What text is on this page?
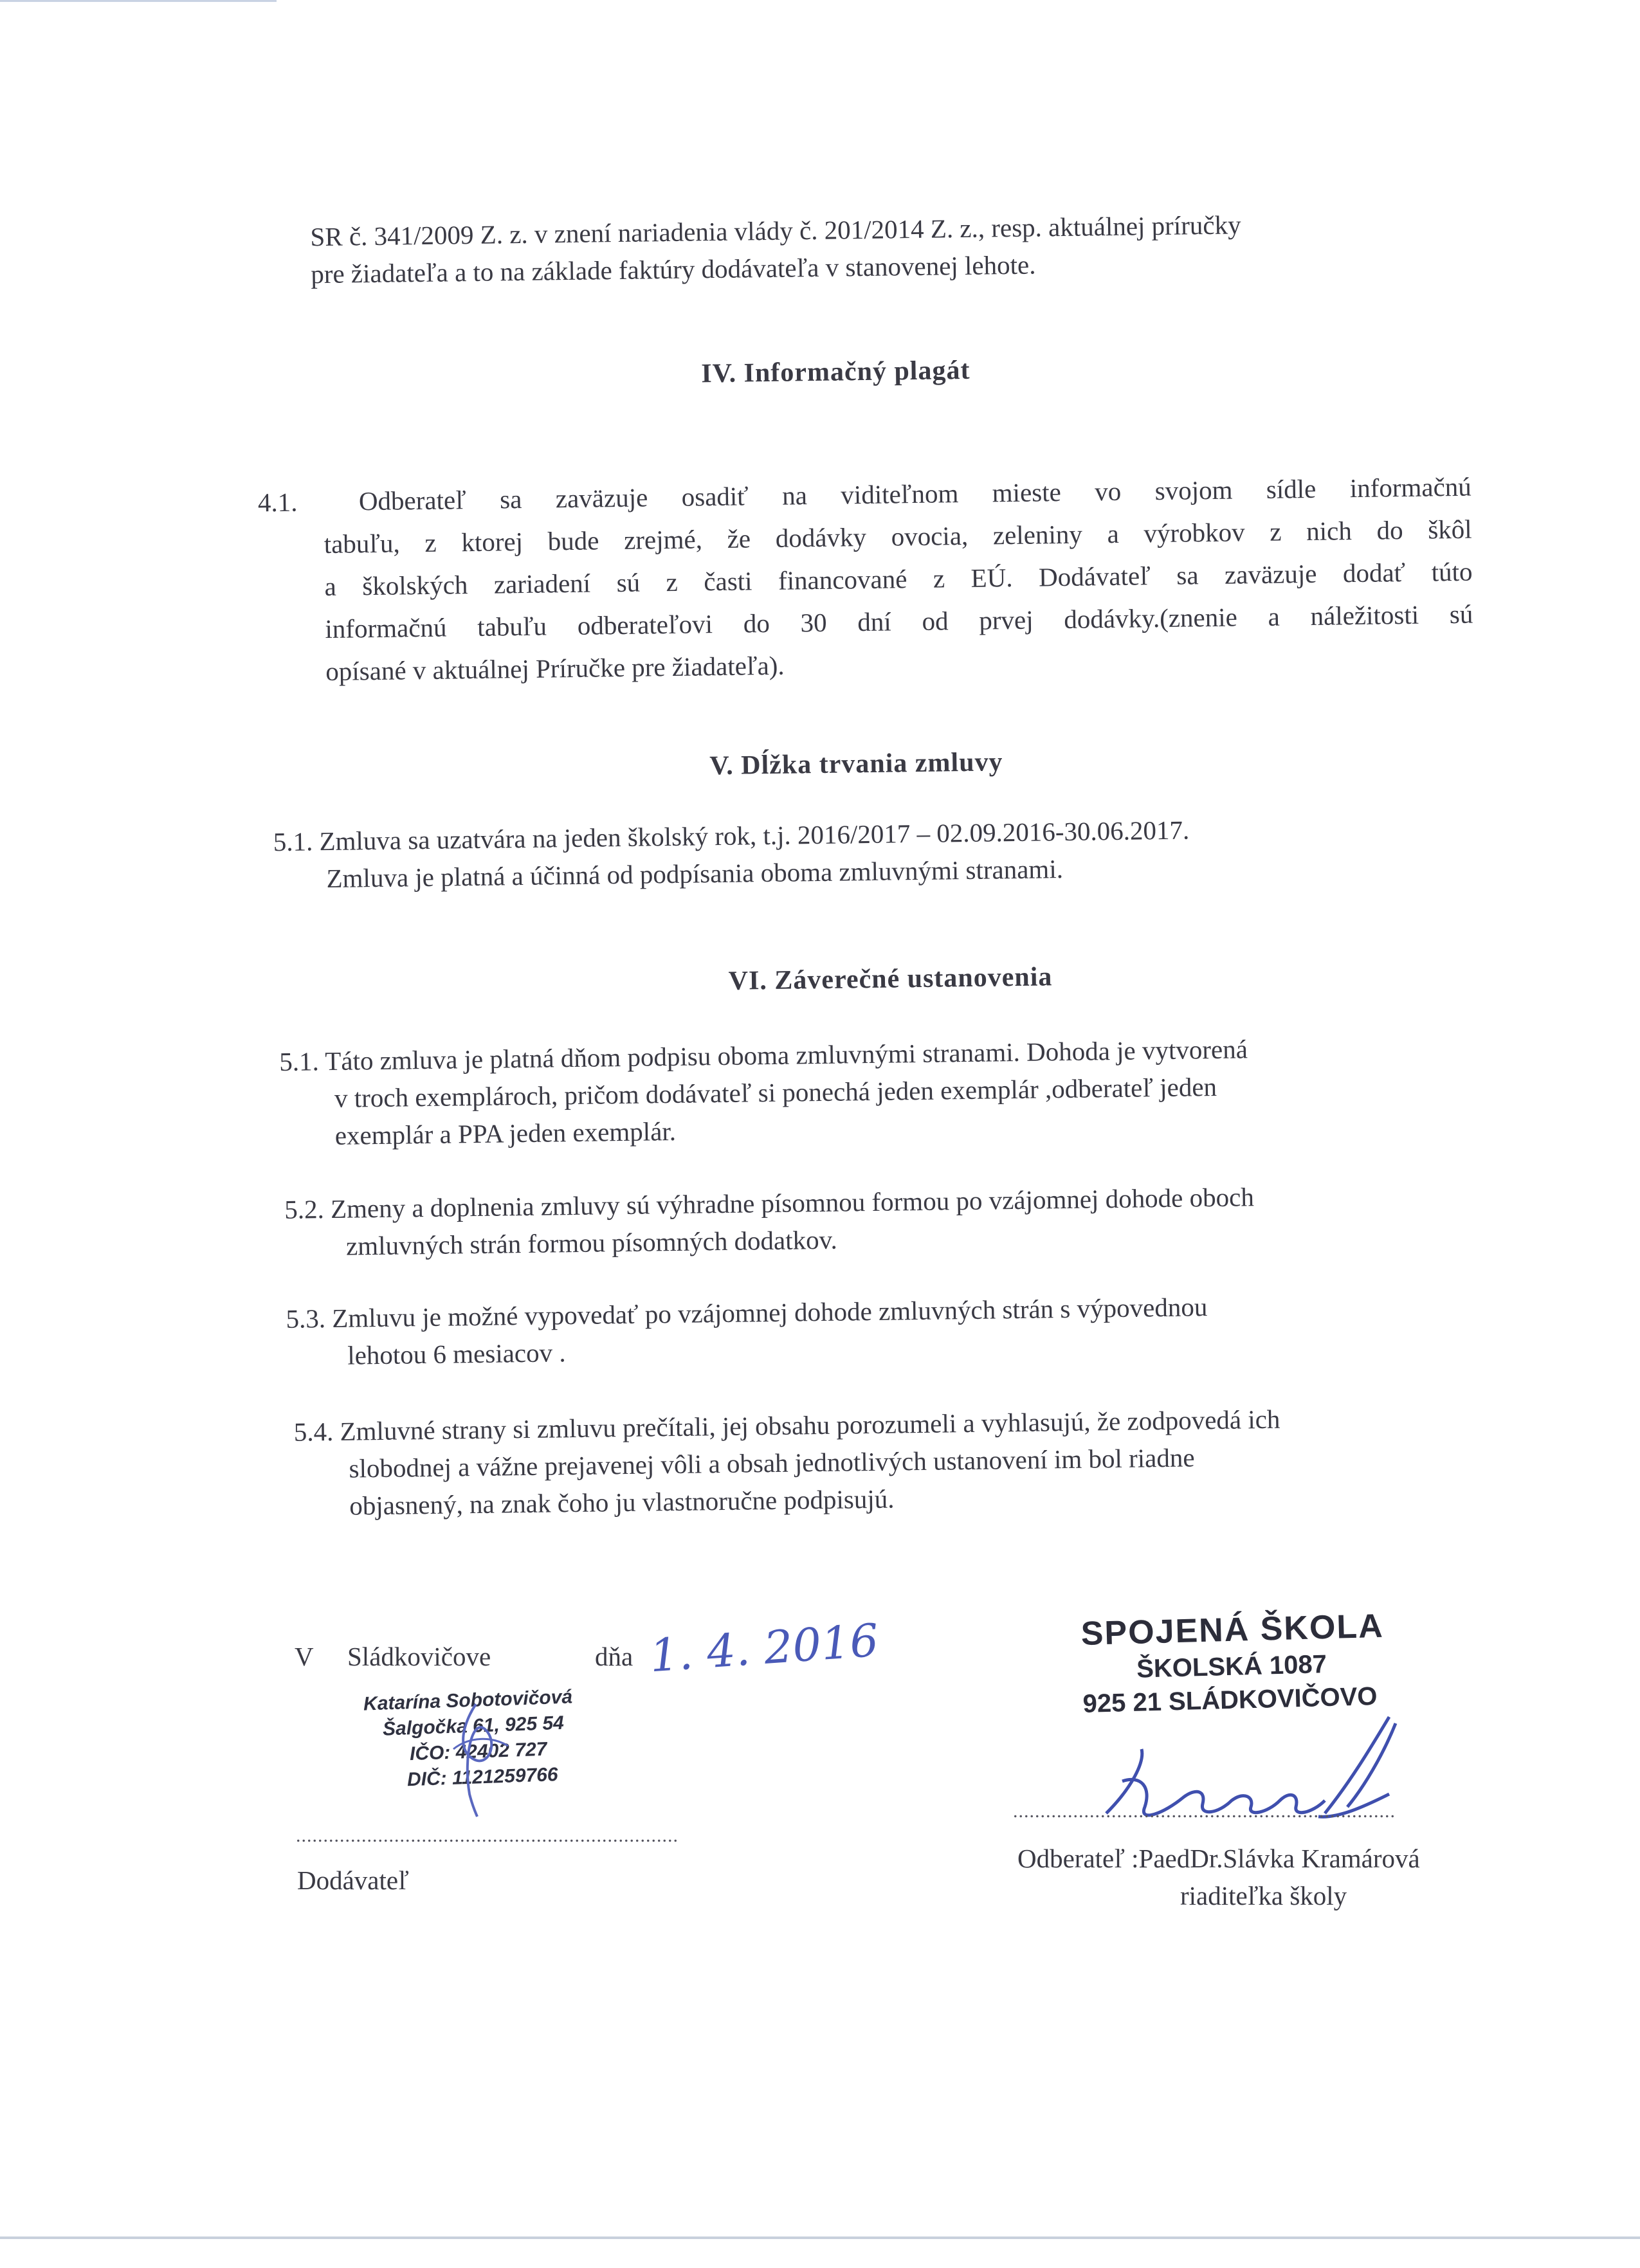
SR č. 341/2009 Z. z. v znení nariadenia vlády č. 201/2014 Z. z., resp. aktuálnej príručky
pre žiadateľa a to na základe faktúry dodávateľa v stanovenej lehote.
IV. Informačný plagát
4.1. Odberateľ sa zaväzuje osadiť na viditeľnom mieste vo svojom sídle informačnú
tabuľu, z ktorej bude zrejmé, že dodávky ovocia, zeleniny a výrobkov z nich do škôl
a školských zariadení sú z časti financované z EÚ. Dodávateľ sa zaväzuje dodať túto
informačnú tabuľu odberateľovi do 30 dní od prvej dodávky.(znenie a náležitosti sú
opísané v aktuálnej Príručke pre žiadateľa).
V. Dĺžka trvania zmluvy
5.1. Zmluva sa uzatvára na jeden školský rok, t.j. 2016/2017 – 02.09.2016-30.06.2017.
Zmluva je platná a účinná od podpísania oboma zmluvnými stranami.
VI. Záverečné ustanovenia
5.1. Táto zmluva je platná dňom podpisu oboma zmluvnými stranami. Dohoda je vytvorená
v troch exemplároch, pričom dodávateľ si ponechá jeden exemplár ,odberateľ jeden
exemplár a PPA jeden exemplár.
5.2. Zmeny a doplnenia zmluvy sú výhradne písomnou formou po vzájomnej dohode oboch
zmluvných strán formou písomných dodatkov.
5.3. Zmluvu je možné vypovedať po vzájomnej dohode zmluvných strán s výpovednou
lehotou 6 mesiacov .
5.4. Zmluvné strany si zmluvu prečítali, jej obsahu porozumeli a vyhlasujú, že zodpovedá ich
slobodnej a vážne prejavenej vôli a obsah jednotlivých ustanovení im bol riadne
objasnený, na znak čoho ju vlastnoručne podpisujú.
V Sládkovičove	dňa 1. 4. 2016
Katarína Sobotovičová
Šalgočka 61, 925 54
IČO: 42402 727
DIČ: 1121259766
......................................................................
Dodávateľ
SPOJENÁ ŠKOLA
ŠKOLSKÁ 1087
925 21 SLÁDKOVIČOVO
......................................................................
Odberateľ :PaedDr.Slávka Kramárová
riaditeľka školy
